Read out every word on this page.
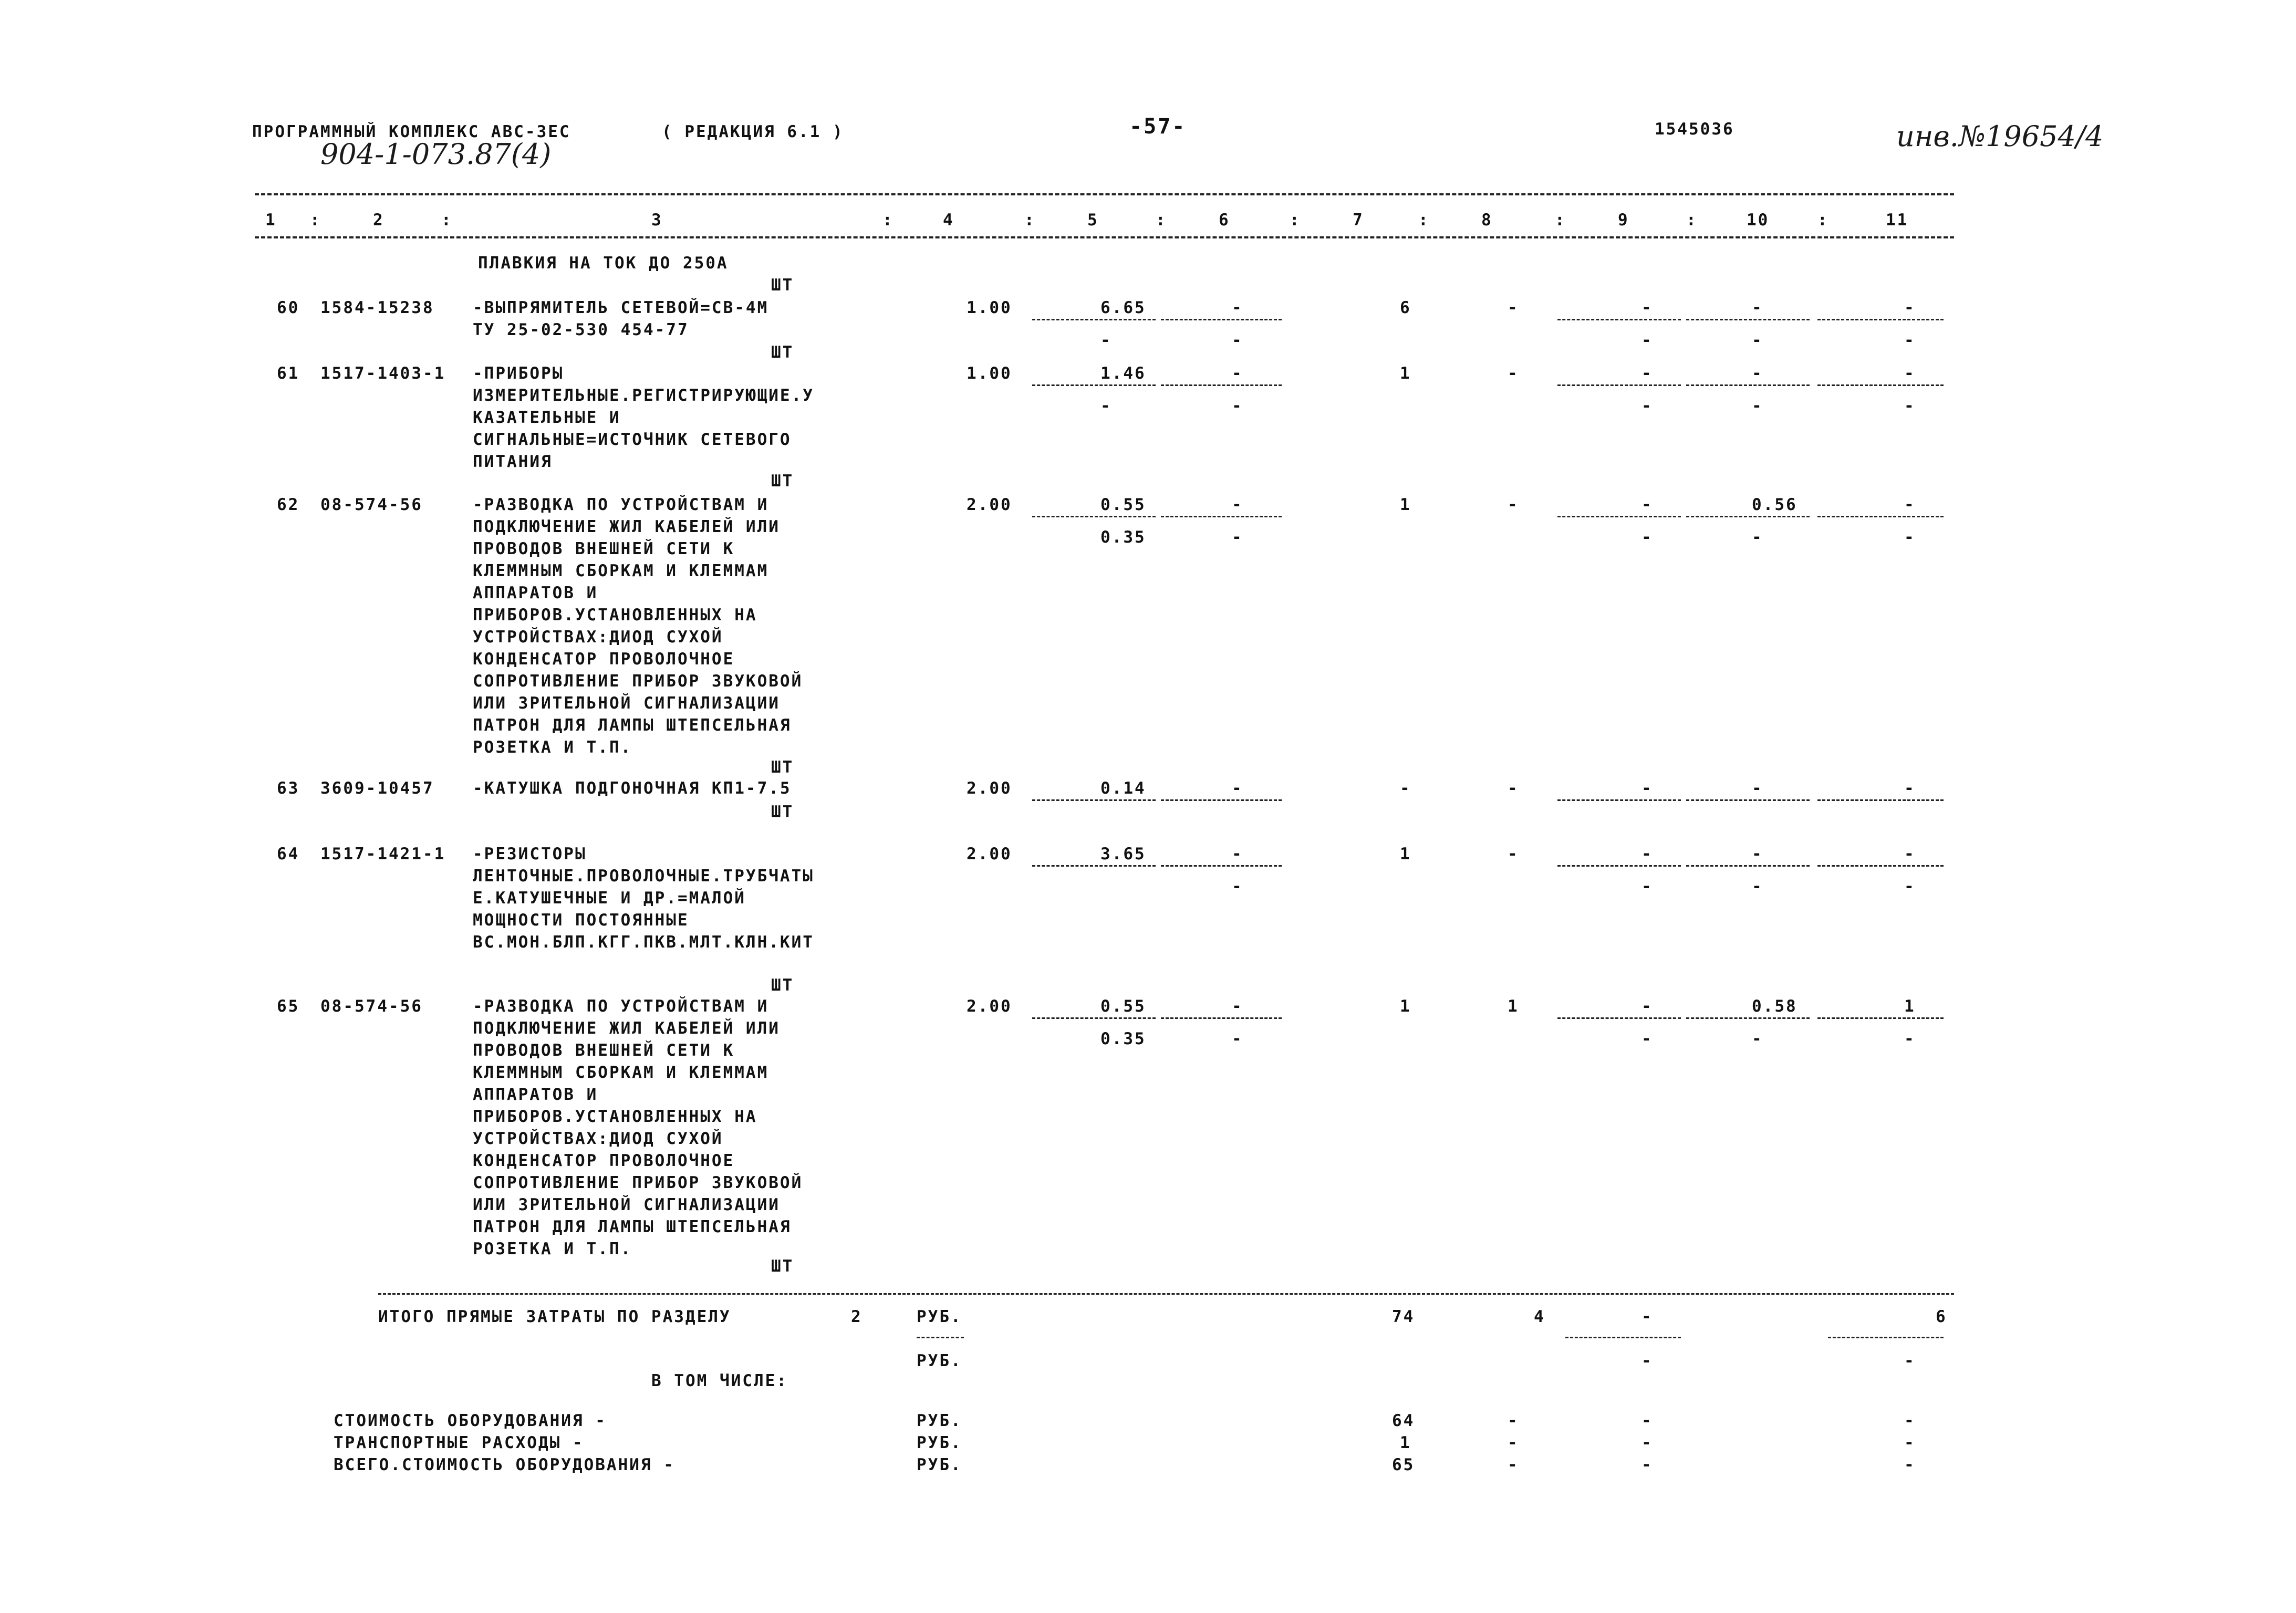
ПРОГРАММНЫЙ КОМПЛЕКС АВС-3ЕС	( РЕДАКЦИЯ 6.1 )	-57-	1545036
904-1-073.87(4)
инв.№19654/4
1 :	2	:	3	:	4	:	5	:	6	:	7	:	8	:	9	:	10	:	11
ПЛАВКИЯ НА ТОК ДО 250А
ШТ
60 1584-15238 -ВЫПРЯМИТЕЛЬ СЕТЕВОЙ=СВ-4М
ТУ 25-02-530 454-77
1.00	6.65	-	6	-	-	-	-
-	-	-	-	-
ШТ
61 1517-1403-1 -ПРИБОРЫ
ИЗМЕРИТЕЛЬНЫЕ.РЕГИСТРИРУЮЩИЕ.У
КАЗАТЕЛЬНЫЕ И
СИГНАЛЬНЫЕ=ИСТОЧНИК СЕТЕВОГО
ПИТАНИЯ
1.00	1.46	-	1	-	-	-	-
-	-	-	-	-
ШТ
62 08-574-56	-РАЗВОДКА ПО УСТРОЙСТВАМ И
ПОДКЛЮЧЕНИЕ ЖИЛ КАБЕЛЕЙ ИЛИ
ПРОВОДОВ ВНЕШНЕЙ СЕТИ К
КЛЕММНЫМ СБОРКАМ И КЛЕММАМ
АППАРАТОВ И
ПРИБОРОВ.УСТАНОВЛЕННЫХ НА
УСТРОЙСТВАХ:ДИОД СУХОЙ
КОНДЕНСАТОР ПРОВОЛОЧНОЕ
СОПРОТИВЛЕНИЕ ПРИБОР ЗВУКОВОЙ
ИЛИ ЗРИТЕЛЬНОЙ СИГНАЛИЗАЦИИ
ПАТРОН ДЛЯ ЛАМПЫ ШТЕПСЕЛЬНАЯ
РОЗЕТКА И Т.П.
2.00	0.55	-	1	-	-	0.56	-
0.35	-	-	-	-
ШТ
63 3609-10457 -КАТУШКА ПОДГОНОЧНАЯ КП1-7.5	2.00	0.14	-	-	-	-	-	-
ШТ
64 1517-1421-1 -РЕЗИСТОРЫ
ЛЕНТОЧНЫЕ.ПРОВОЛОЧНЫЕ.ТРУБЧАТЫ
Е.КАТУШЕЧНЫЕ И ДР.=МАЛОЙ
МОЩНОСТИ ПОСТОЯННЫЕ
ВС.МОН.БЛП.КГГ.ПКВ.МЛТ.КЛН.КИТ
2.00	3.65	-	1	-	-	-	-
-	-	-	-
65 08-574-56	-РАЗВОДКА ПО УСТРОЙСТВАМ И
ПОДКЛЮЧЕНИЕ ЖИЛ КАБЕЛЕЙ ИЛИ
ПРОВОДОВ ВНЕШНЕЙ СЕТИ К
КЛЕММНЫМ СБОРКАМ И КЛЕММАМ
АППАРАТОВ И
ПРИБОРОВ.УСТАНОВЛЕННЫХ НА
УСТРОЙСТВАХ:ДИОД СУХОЙ
КОНДЕНСАТОР ПРОВОЛОЧНОЕ
СОПРОТИВЛЕНИЕ ПРИБОР ЗВУКОВОЙ
ИЛИ ЗРИТЕЛЬНОЙ СИГНАЛИЗАЦИИ
ПАТРОН ДЛЯ ЛАМПЫ ШТЕПСЕЛЬНАЯ
РОЗЕТКА И Т.П.
2.00	0.55	-	1	1	-	0.58	1
0.35	-	-	-	-
ШТ
ШТ
ИТОГО ПРЯМЫЕ ЗАТРАТЫ ПО РАЗДЕЛУ	2	РУБ.	74	4	-	6
-	-
РУБ.
В ТОМ ЧИСЛЕ:
СТОИМОСТЬ ОБОРУДОВАНИЯ -	РУБ.	64	-	-	-
ТРАНСПОРТНЫЕ РАСХОДЫ -	РУБ.	1	-	-	-
ВСЕГО.СТОИМОСТЬ ОБОРУДОВАНИЯ -	РУБ.	65	-	-	-
